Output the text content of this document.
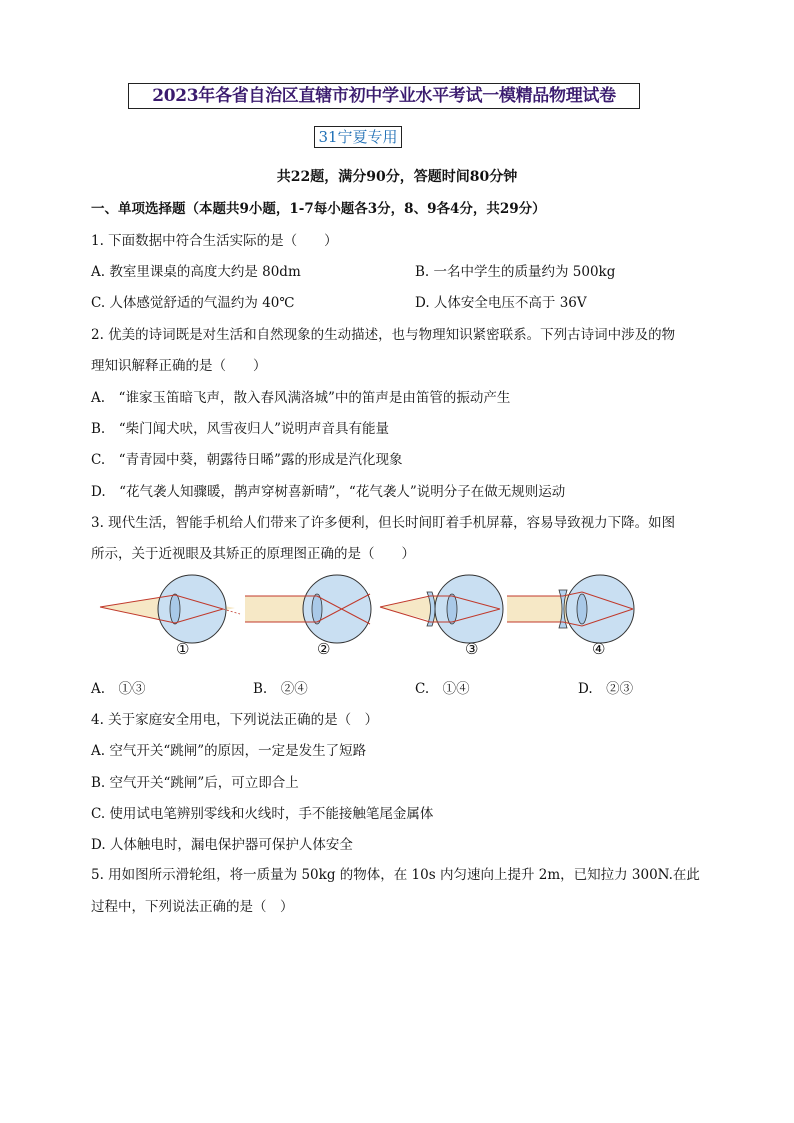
2023年各省自治区直辖市初中学业水平考试一模精品物理试卷
31宁夏专用
共22题，满分90分，答题时间80分钟
一、单项选择题（本题共9小题，1-7每小题各3分，8、9各4分，共29分）
1. 下面数据中符合生活实际的是（　　）
A. 教室里课桌的高度大约是 80dm	B. 一名中学生的质量约为 500kg
C. 人体感觉舒适的气温约为 40℃	D. 人体安全电压不高于 36V
2. 优美的诗词既是对生活和自然现象的生动描述，也与物理知识紧密联系。下列古诗词中涉及的物
理知识解释正确的是（　　）
A.　“谁家玉笛暗飞声，散入春风满洛城”中的笛声是由笛管的振动产生
B.　“柴门闻犬吠，风雪夜归人”说明声音具有能量
C.　“青青园中葵，朝露待日晞”露的形成是汽化现象
D.　“花气袭人知骤暖，鹊声穿树喜新晴”，“花气袭人”说明分子在做无规则运动
3. 现代生活，智能手机给人们带来了许多便利，但长时间盯着手机屏幕，容易导致视力下降。如图
所示，关于近视眼及其矫正的原理图正确的是（　　）
①	②	③	④
A.　①③	B.　②④	C.　①④	D.　②③
4. 关于家庭安全用电，下列说法正确的是（　）
A. 空气开关“跳闸”的原因，一定是发生了短路
B. 空气开关“跳闸”后，可立即合上
C. 使用试电笔辨别零线和火线时，手不能接触笔尾金属体
D. 人体触电时，漏电保护器可保护人体安全
5. 用如图所示滑轮组，将一质量为 50kg 的物体，在 10s 内匀速向上提升 2m，已知拉力 300N.在此
过程中，下列说法正确的是（　）
